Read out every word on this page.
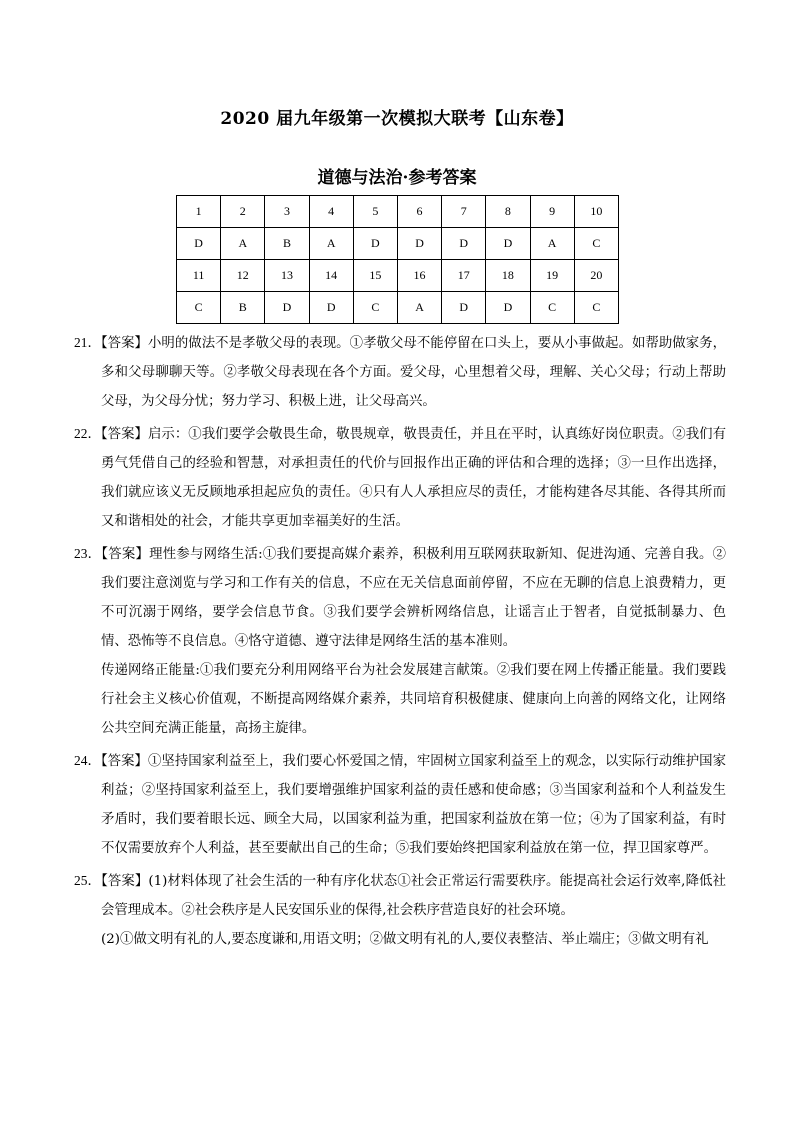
2020 届九年级第一次模拟大联考【山东卷】
道德与法治·参考答案
1	2	3	4	5	6	7	8	9	10
D	A	B	A	D	D	D	D	A	C
11	12	13	14	15	16	17	18	19	20
C	B	D	D	C	A	D	D	C	C

21．【答案】小明的做法不是孝敬父母的表现。①孝敬父母不能停留在口头上，要从小事做起。如帮助做家务，多和父母聊聊天等。②孝敬父母表现在各个方面。爱父母，心里想着父母，理解、关心父母；行动上帮助父母，为父母分忧；努力学习、积极上进，让父母高兴。

22．【答案】启示：①我们要学会敬畏生命，敬畏规章，敬畏责任，并且在平时，认真练好岗位职责。②我们有勇气凭借自己的经验和智慧，对承担责任的代价与回报作出正确的评估和合理的选择；③一旦作出选择，我们就应该义无反顾地承担起应负的责任。④只有人人承担应尽的责任，才能构建各尽其能、各得其所而又和谐相处的社会，才能共享更加幸福美好的生活。

23．【答案】理性参与网络生活:①我们要提高媒介素养，积极利用互联网获取新知、促进沟通、完善自我。②我们要注意浏览与学习和工作有关的信息，不应在无关信息面前停留，不应在无聊的信息上浪费精力，更不可沉溺于网络，要学会信息节食。③我们要学会辨析网络信息，让谣言止于智者，自觉抵制暴力、色情、恐怖等不良信息。④恪守道德、遵守法律是网络生活的基本准则。

传递网络正能量:①我们要充分利用网络平台为社会发展建言献策。②我们要在网上传播正能量。我们要践行社会主义核心价值观，不断提高网络媒介素养，共同培育积极健康、健康向上向善的网络文化，让网络公共空间充满正能量，高扬主旋律。

24．【答案】①坚持国家利益至上，我们要心怀爱国之情，牢固树立国家利益至上的观念，以实际行动维护国家利益；②坚持国家利益至上，我们要增强维护国家利益的责任感和使命感；③当国家利益和个人利益发生矛盾时，我们要着眼长远、顾全大局，以国家利益为重，把国家利益放在第一位；④为了国家利益，有时不仅需要放弃个人利益，甚至要献出自己的生命；⑤我们要始终把国家利益放在第一位，捍卫国家尊严。

25．【答案】(1)材料体现了社会生活的一种有序化状态①社会正常运行需要秩序。能提高社会运行效率,降低社会管理成本。②社会秩序是人民安国乐业的保得,社会秩序营造良好的社会环境。

(2)①做文明有礼的人,要态度谦和,用语文明；②做文明有礼的人,要仪表整洁、举止端庄；③做文明有礼
